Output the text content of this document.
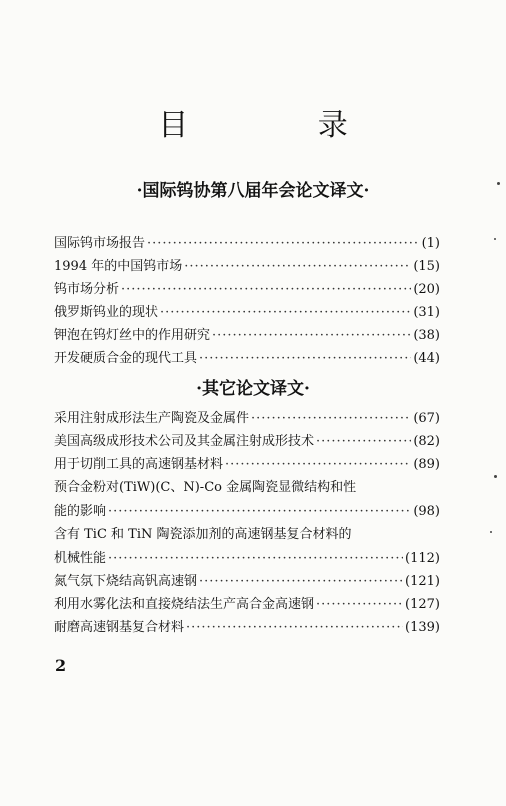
目 录
·国际钨协第八届年会论文译文·
国际钨市场报告 ·····	(1)
1994 年的中国钨市场 ·····	(15)
钨市场分析 ·····	(20)
俄罗斯钨业的现状 ·····	(31)
钾泡在钨灯丝中的作用研究 ·····	(38)
开发硬质合金的现代工具 ·····	(44)
·其它论文译文·
采用注射成形法生产陶瓷及金属件 ·····	(67)
美国高级成形技术公司及其金属注射成形技术 ·····	(82)
用于切削工具的高速钢基材料 ·····	(89)
预合金粉对(TiW)(C、N)-Co 金属陶瓷显微结构和性
能的影响 ·····	(98)
含有 TiC 和 TiN 陶瓷添加剂的高速钢基复合材料的
机械性能 ·····	(112)
氮气氛下烧结高钒高速钢 ·····	(121)
利用水雾化法和直接烧结法生产高合金高速钢 ·····	(127)
耐磨高速钢基复合材料 ·····	(139)
2
